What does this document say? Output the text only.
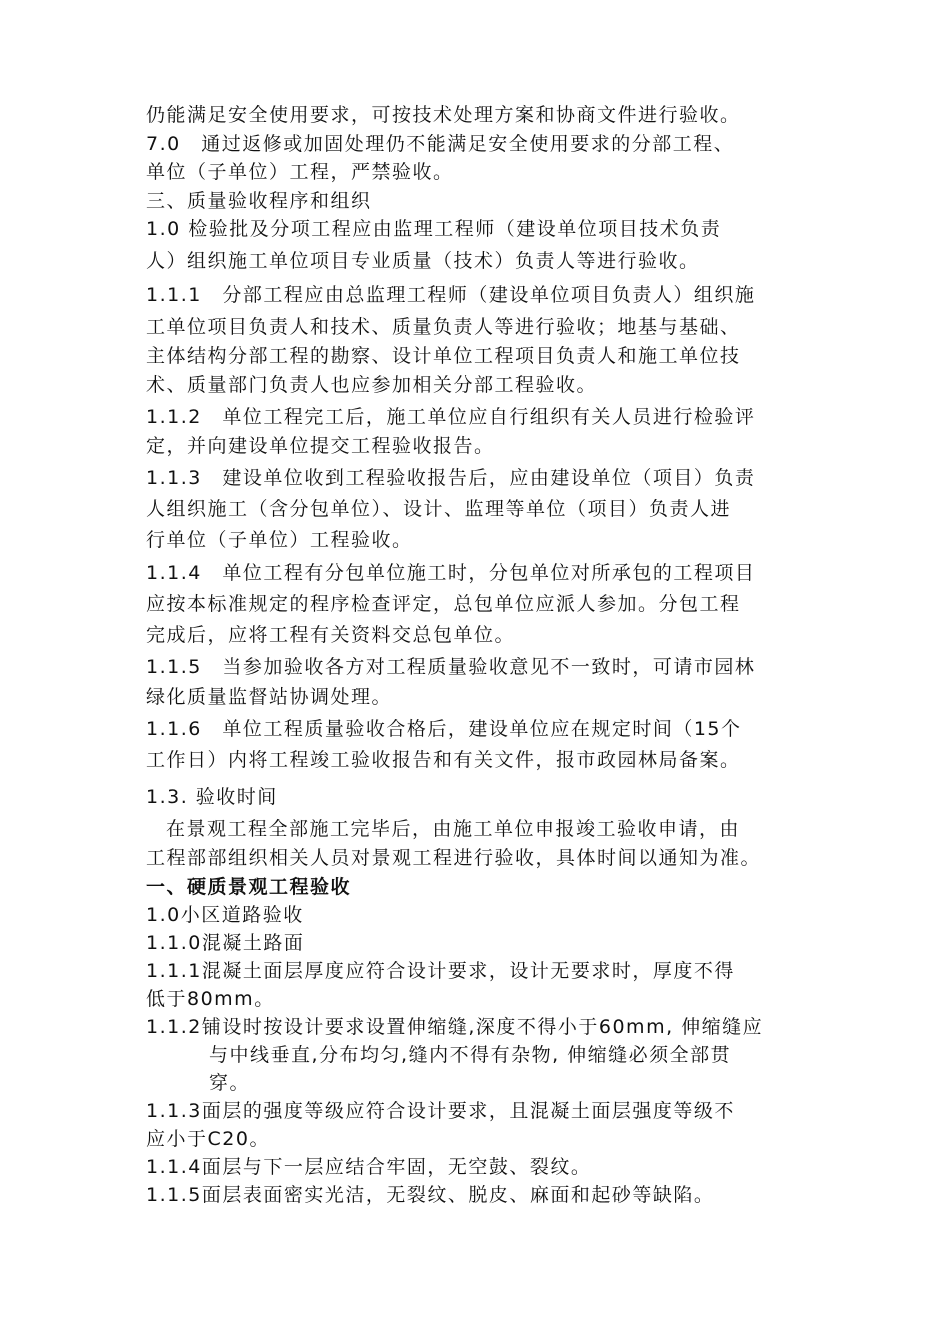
仍能满足安全使用要求，可按技术处理方案和协商文件进行验收。
7.0　通过返修或加固处理仍不能满足安全使用要求的分部工程、
单位（子单位）工程，严禁验收。
三、质量验收程序和组织
1.0 检验批及分项工程应由监理工程师（建设单位项目技术负责
人）组织施工单位项目专业质量（技术）负责人等进行验收。
1.1.1　分部工程应由总监理工程师（建设单位项目负责人）组织施
工单位项目负责人和技术、质量负责人等进行验收；地基与基础、
主体结构分部工程的勘察、设计单位工程项目负责人和施工单位技
术、质量部门负责人也应参加相关分部工程验收。
1.1.2　单位工程完工后，施工单位应自行组织有关人员进行检验评
定，并向建设单位提交工程验收报告。
1.1.3　建设单位收到工程验收报告后，应由建设单位（项目）负责
人组织施工（含分包单位）、设计、监理等单位（项目）负责人进
行单位（子单位）工程验收。
1.1.4　单位工程有分包单位施工时，分包单位对所承包的工程项目
应按本标准规定的程序检查评定，总包单位应派人参加。分包工程
完成后，应将工程有关资料交总包单位。
1.1.5　当参加验收各方对工程质量验收意见不一致时，可请市园林
绿化质量监督站协调处理。
1.1.6　单位工程质量验收合格后，建设单位应在规定时间（15个
工作日）内将工程竣工验收报告和有关文件，报市政园林局备案。
1.3. 验收时间
在景观工程全部施工完毕后，由施工单位申报竣工验收申请，由
工程部部组织相关人员对景观工程进行验收，具体时间以通知为准。
一、硬质景观工程验收
1.0小区道路验收
1.1.0混凝土路面
1.1.1混凝土面层厚度应符合设计要求，设计无要求时，厚度不得
低于80mm。
1.1.2铺设时按设计要求设置伸缩缝,深度不得小于60mm, 伸缩缝应
与中线垂直,分布均匀,缝内不得有杂物, 伸缩缝必须全部贯
穿。
1.1.3面层的强度等级应符合设计要求，且混凝土面层强度等级不
应小于C20。
1.1.4面层与下一层应结合牢固，无空鼓、裂纹。
1.1.5面层表面密实光洁，无裂纹、脱皮、麻面和起砂等缺陷。
